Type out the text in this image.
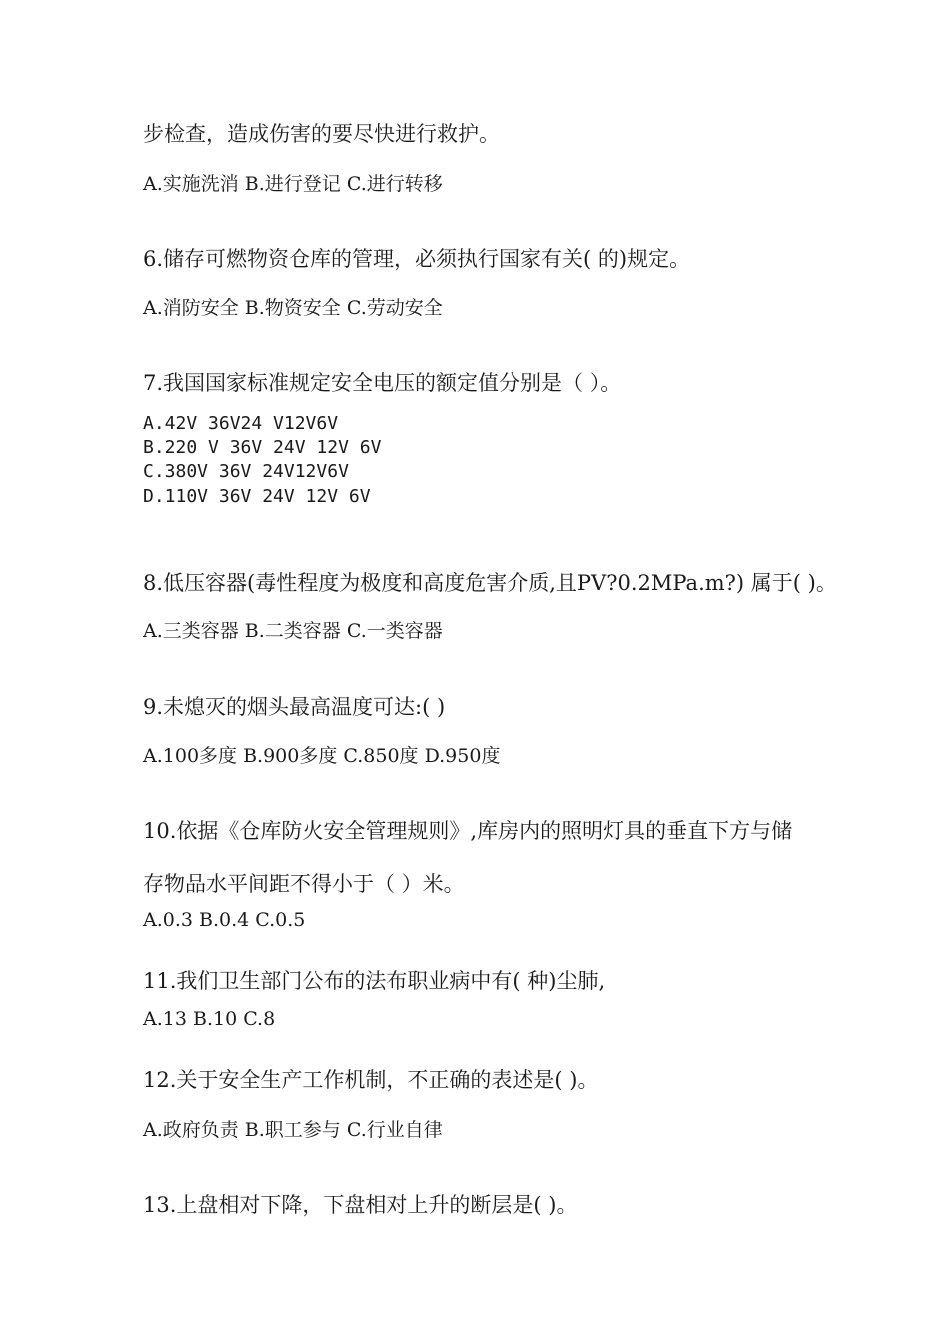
步检查，造成伤害的要尽快进行救护。
A.实施洗消 B.进行登记 C.进行转移
6.储存可燃物资仓库的管理，必须执行国家有关( 的)规定。
A.消防安全 B.物资安全 C.劳动安全
7.我国国家标准规定安全电压的额定值分别是（ ）。
A.42V 36V24 V12V6V
B.220 V 36V 24V 12V 6V
C.380V 36V 24V12V6V
D.110V 36V 24V 12V 6V
8.低压容器(毒性程度为极度和高度危害介质,且PV?0.2MPa.m?) 属于( )。
A.三类容器 B.二类容器 C.一类容器
9.未熄灭的烟头最高温度可达:( )
A.100多度 B.900多度 C.850度 D.950度
10.依据《仓库防火安全管理规则》,库房内的照明灯具的垂直下方与储
存物品水平间距不得小于（ ）米。
A.0.3 B.0.4 C.0.5
11.我们卫生部门公布的法布职业病中有( 种)尘肺,
A.13 B.10 C.8
12.关于安全生产工作机制，不正确的表述是( )。
A.政府负责 B.职工参与 C.行业自律
13.上盘相对下降，下盘相对上升的断层是( )。
